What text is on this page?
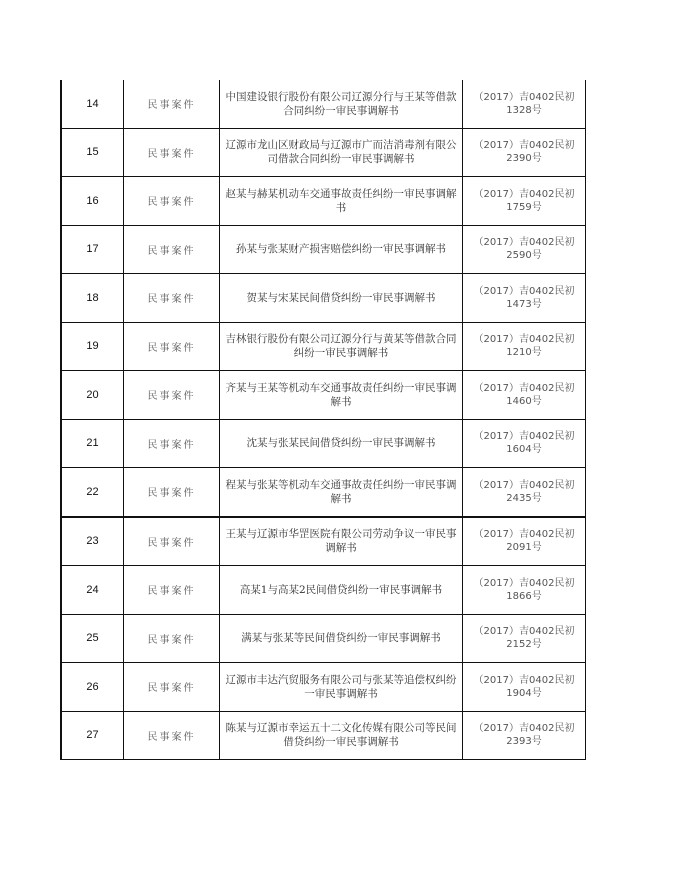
14	民事案件	中国建设银行股份有限公司辽源分行与王某等借款合同纠纷一审民事调解书	（2017）吉0402民初
1328号

15	民事案件	辽源市龙山区财政局与辽源市广而洁消毒剂有限公司借款合同纠纷一审民事调解书	（2017）吉0402民初
2390号

16	民事案件	赵某与赫某机动车交通事故责任纠纷一审民事调解书	（2017）吉0402民初
1759号

17	民事案件	孙某与张某财产损害赔偿纠纷一审民事调解书	（2017）吉0402民初
2590号

18	民事案件	贺某与宋某民间借贷纠纷一审民事调解书	（2017）吉0402民初
1473号

19	民事案件	吉林银行股份有限公司辽源分行与黄某等借款合同纠纷一审民事调解书	（2017）吉0402民初
1210号

20	民事案件	齐某与王某等机动车交通事故责任纠纷一审民事调解书	（2017）吉0402民初
1460号

21	民事案件	沈某与张某民间借贷纠纷一审民事调解书	（2017）吉0402民初
1604号

22	民事案件	程某与张某等机动车交通事故责任纠纷一审民事调解书	（2017）吉0402民初
2435号

23	民事案件	王某与辽源市华罡医院有限公司劳动争议一审民事调解书	（2017）吉0402民初
2091号

24	民事案件	高某1与高某2民间借贷纠纷一审民事调解书	（2017）吉0402民初
1866号

25	民事案件	满某与张某等民间借贷纠纷一审民事调解书	（2017）吉0402民初
2152号

26	民事案件	辽源市丰达汽贸服务有限公司与张某等追偿权纠纷一审民事调解书	（2017）吉0402民初
1904号

27	民事案件	陈某与辽源市幸运五十二文化传媒有限公司等民间借贷纠纷一审民事调解书	（2017）吉0402民初
2393号
